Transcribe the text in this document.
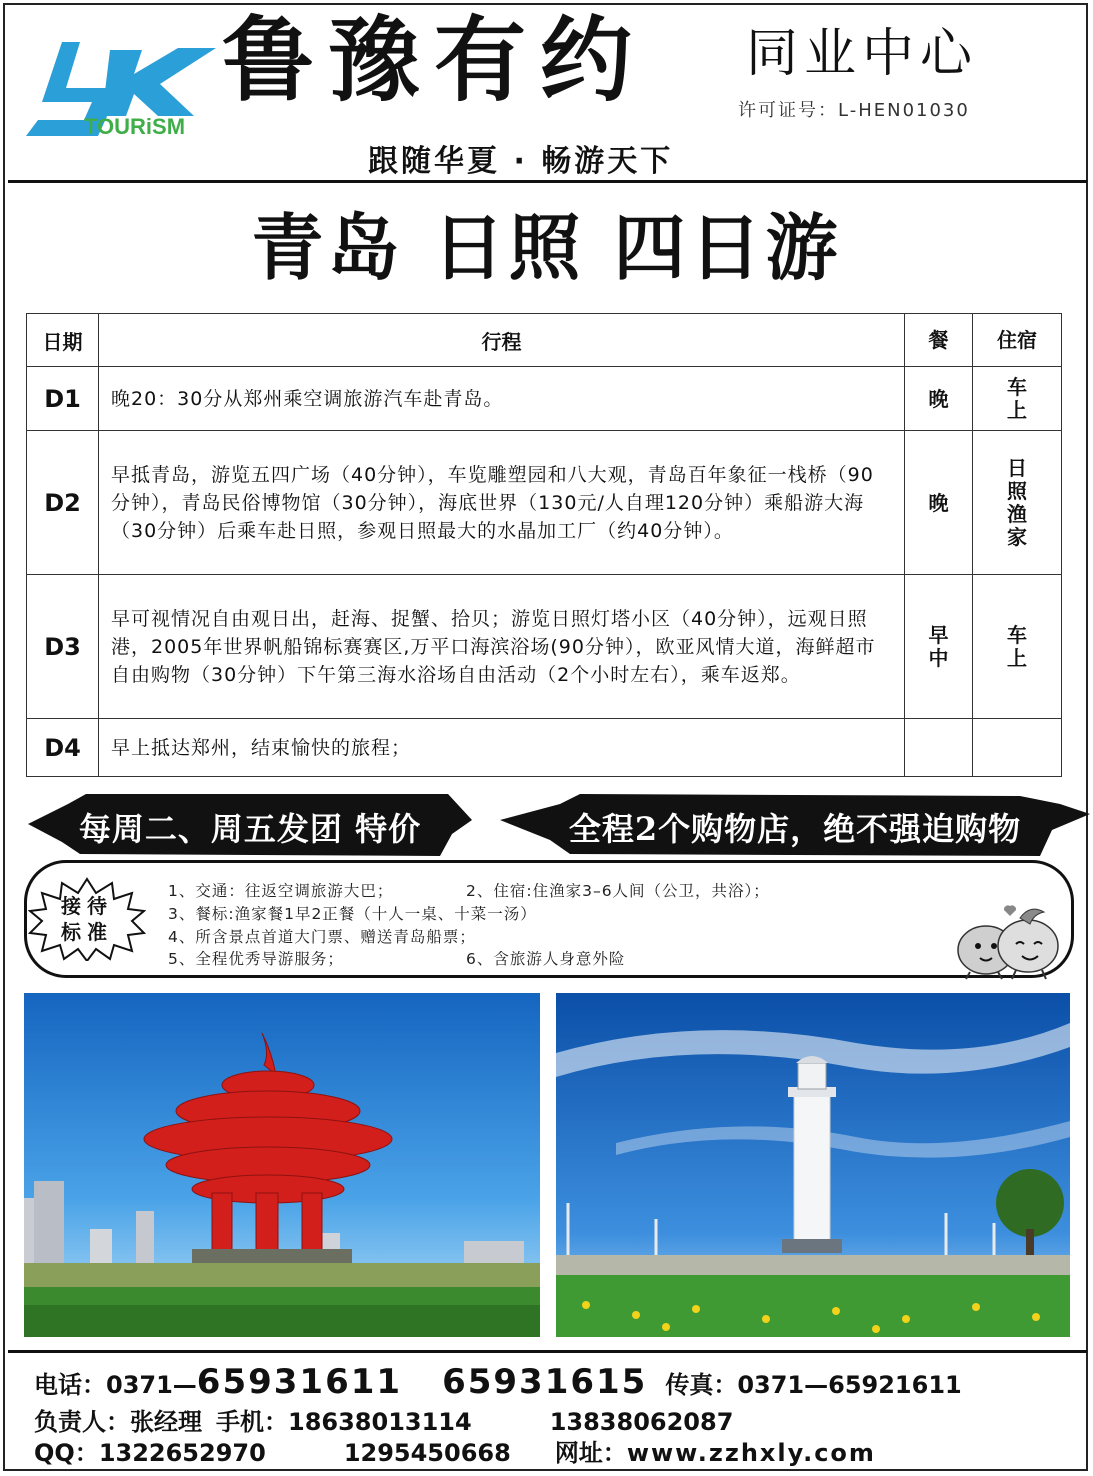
TOURiSM
鲁豫有约 同业中心
许可证号：L-HEN01030
跟随华夏 · 畅游天下
青岛 日照 四日游
日期	行程	餐	住宿
D1	晚20：30分从郑州乘空调旅游汽车赴青岛。	晚	车上
D2	早抵青岛，游览五四广场（40分钟），车览雕塑园和八大观，青岛百年象征一栈桥（90分钟），青岛民俗博物馆（30分钟），海底世界（130元/人自理120分钟）乘船游大海（30分钟）后乘车赴日照，参观日照最大的水晶加工厂（约40分钟）。	晚	日照渔家
D3	早可视情况自由观日出，赶海、捉蟹、拾贝；游览日照灯塔小区（40分钟），远观日照港，2005年世界帆船锦标赛赛区,万平口海滨浴场(90分钟），欧亚风情大道，海鲜超市自由购物（30分钟）下午第三海水浴场自由活动（2个小时左右），乘车返郑。	早中	车上
D4	早上抵达郑州，结束愉快的旅程；		
每周二、周五发团 特价	全程2个购物店，绝不强迫购物
接待
标准
1、交通：往返空调旅游大巴；	2、住宿:住渔家3–6人间（公卫，共浴）；
3、餐标:渔家餐1早2正餐（十人一桌、十菜一汤）
4、所含景点首道大门票、赠送青岛船票；
5、全程优秀导游服务；	6、含旅游人身意外险
电话：0371—65931611 65931615 传真：0371—65921611
负责人：张经理 手机：18638013114	13838062087
QQ：1322652970	1295450668 网址：www.zzhxly.com
